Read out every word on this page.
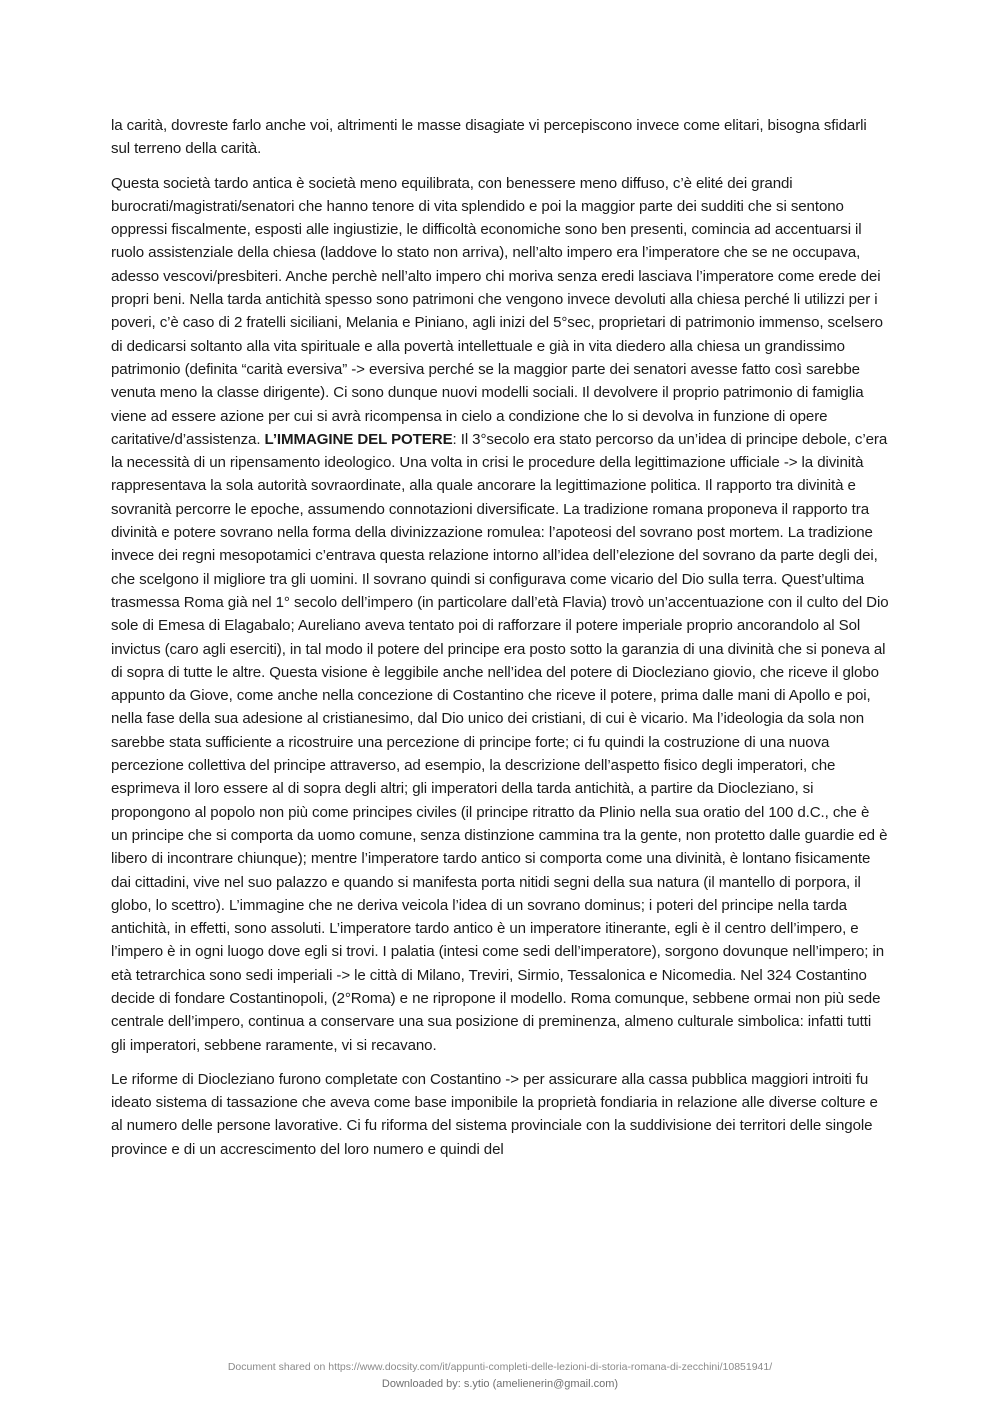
la carità, dovreste farlo anche voi, altrimenti le masse disagiate vi percepiscono invece come elitari, bisogna sfidarli sul terreno della carità.

Questa società tardo antica è società meno equilibrata, con benessere meno diffuso, c’è elité dei grandi burocrati/magistrati/senatori che hanno tenore di vita splendido e poi la maggior parte dei sudditi che si sentono oppressi fiscalmente, esposti alle ingiustizie, le difficoltà economiche sono ben presenti, comincia ad accentuarsi il ruolo assistenziale della chiesa (laddove lo stato non arriva), nell’alto impero era l’imperatore che se ne occupava, adesso vescovi/presbiteri. Anche perchè nell’alto impero chi moriva senza eredi lasciava l’imperatore come erede dei propri beni. Nella tarda antichità spesso sono patrimoni che vengono invece devoluti alla chiesa perché li utilizzi per i poveri, c’è caso di 2 fratelli siciliani, Melania e Piniano, agli inizi del 5°sec, proprietari di patrimonio immenso, scelsero di dedicarsi soltanto alla vita spirituale e alla povertà intellettuale e già in vita diedero alla chiesa un grandissimo patrimonio (definita “carità eversiva” -> eversiva perché se la maggior parte dei senatori avesse fatto così sarebbe venuta meno la classe dirigente). Ci sono dunque nuovi modelli sociali. Il devolvere il proprio patrimonio di famiglia viene ad essere azione per cui si avrà ricompensa in cielo a condizione che lo si devolva in funzione di opere caritative/d’assistenza. L’IMMAGINE DEL POTERE: Il 3°secolo era stato percorso da un’idea di principe debole, c’era la necessità di un ripensamento ideologico. Una volta in crisi le procedure della legittimazione ufficiale -> la divinità rappresentava la sola autorità sovraordinate, alla quale ancorare la legittimazione politica. Il rapporto tra divinità e sovranità percorre le epoche, assumendo connotazioni diversificate. La tradizione romana proponeva il rapporto tra divinità e potere sovrano nella forma della divinizzazione romulea: l’apoteosi del sovrano post mortem. La tradizione invece dei regni mesopotamici c’entrava questa relazione intorno all’idea dell’elezione del sovrano da parte degli dei, che scelgono il migliore tra gli uomini. Il sovrano quindi si configurava come vicario del Dio sulla terra. Quest’ultima trasmessa Roma già nel 1° secolo dell’impero (in particolare dall’età Flavia) trovò un’accentuazione con il culto del Dio sole di Emesa di Elagabalo; Aureliano aveva tentato poi di rafforzare il potere imperiale proprio ancorandolo al Sol invictus (caro agli eserciti), in tal modo il potere del principe era posto sotto la garanzia di una divinità che si poneva al di sopra di tutte le altre. Questa visione è leggibile anche nell’idea del potere di Diocleziano giovio, che riceve il globo appunto da Giove, come anche nella concezione di Costantino che riceve il potere, prima dalle mani di Apollo e poi, nella fase della sua adesione al cristianesimo, dal Dio unico dei cristiani, di cui è vicario. Ma l’ideologia da sola non sarebbe stata sufficiente a ricostruire una percezione di principe forte; ci fu quindi la costruzione di una nuova percezione collettiva del principe attraverso, ad esempio, la descrizione dell’aspetto fisico degli imperatori, che esprimeva il loro essere al di sopra degli altri; gli imperatori della tarda antichità, a partire da Diocleziano, si propongono al popolo non più come principes civiles (il principe ritratto da Plinio nella sua oratio del 100 d.C., che è un principe che si comporta da uomo comune, senza distinzione cammina tra la gente, non protetto dalle guardie ed è libero di incontrare chiunque); mentre l’imperatore tardo antico si comporta come una divinità, è lontano fisicamente dai cittadini, vive nel suo palazzo e quando si manifesta porta nitidi segni della sua natura (il mantello di porpora, il globo, lo scettro). L’immagine che ne deriva veicola l’idea di un sovrano dominus; i poteri del principe nella tarda antichità, in effetti, sono assoluti. L’imperatore tardo antico è un imperatore itinerante, egli è il centro dell’impero, e l’impero è in ogni luogo dove egli si trovi. I palatia (intesi come sedi dell’imperatore), sorgono dovunque nell’impero; in età tetrarchica sono sedi imperiali -> le città di Milano, Treviri, Sirmio, Tessalonica e Nicomedia. Nel 324 Costantino decide di fondare Costantinopoli, (2°Roma) e ne ripropone il modello. Roma comunque, sebbene ormai non più sede centrale dell’impero, continua a conservare una sua posizione di preminenza, almeno culturale simbolica: infatti tutti gli imperatori, sebbene raramente, vi si recavano.

Le riforme di Diocleziano furono completate con Costantino -> per assicurare alla cassa pubblica maggiori introiti fu ideato sistema di tassazione che aveva come base imponibile la proprietà fondiaria in relazione alle diverse colture e al numero delle persone lavorative. Ci fu riforma del sistema provinciale con la suddivisione dei territori delle singole province e di un accrescimento del loro numero e quindi del

Document shared on https://www.docsity.com/it/appunti-completi-delle-lezioni-di-storia-romana-di-zecchini/10851941/
Downloaded by: s.ytio (amelienerin@gmail.com)
